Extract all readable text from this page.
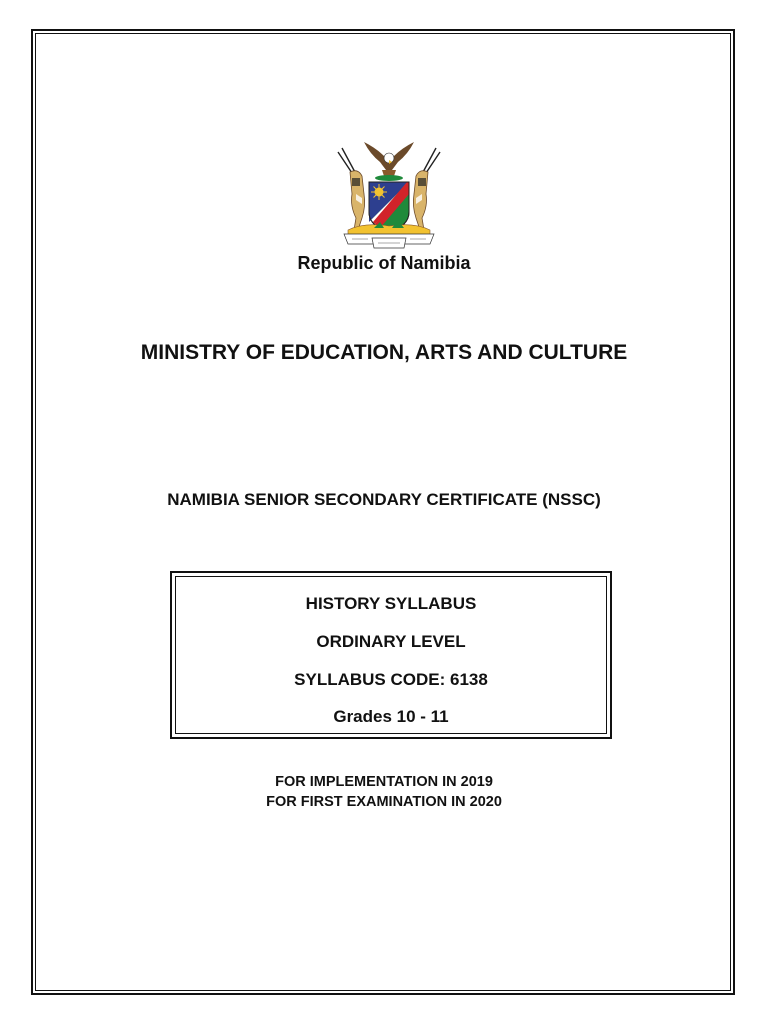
Republic of Namibia
MINISTRY OF EDUCATION, ARTS AND CULTURE
NAMIBIA SENIOR SECONDARY CERTIFICATE (NSSC)
HISTORY SYLLABUS
ORDINARY LEVEL
SYLLABUS CODE: 6138
Grades 10 - 11
FOR IMPLEMENTATION IN 2019
FOR FIRST EXAMINATION IN 2020
